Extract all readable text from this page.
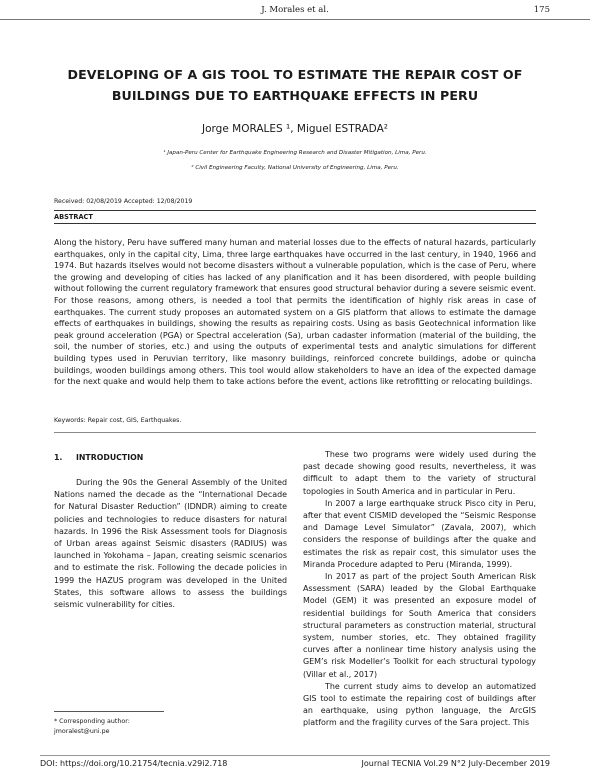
J. Morales et al.	175
DEVELOPING OF A GIS TOOL TO ESTIMATE THE REPAIR COST OF BUILDINGS DUE TO EARTHQUAKE EFFECTS IN PERU
Jorge MORALES ¹, Miguel ESTRADA²
¹ Japan-Peru Center for Earthquake Engineering Research and Disaster Mitigation, Lima, Peru.
² Civil Engineering Faculty, National University of Engineering, Lima, Peru.
Received: 02/08/2019 Accepted: 12/08/2019
ABSTRACT
Along the history, Peru have suffered many human and material losses due to the effects of natural hazards, particularly earthquakes, only in the capital city, Lima, three large earthquakes have occurred in the last century, in 1940, 1966 and 1974. But hazards itselves would not become disasters without a vulnerable population, which is the case of Peru, where the growing and developing of cities has lacked of any planification and it has been disordered, with people building without following the current regulatory framework that ensures good structural behavior during a severe seismic event. For those reasons, among others, is needed a tool that permits the identification of highly risk areas in case of earthquakes. The current study proposes an automated system on a GIS platform that allows to estimate the damage effects of earthquakes in buildings, showing the results as repairing costs. Using as basis Geotechnical information like peak ground acceleration (PGA) or Spectral acceleration (Sa), urban cadaster information (material of the building, the soil, the number of stories, etc.) and using the outputs of experimental tests and analytic simulations for different building types used in Peruvian territory, like masonry buildings, reinforced concrete buildings, adobe or quincha buildings, wooden buildings among others. This tool would allow stakeholders to have an idea of the expected damage for the next quake and would help them to take actions before the event, actions like retrofitting or relocating buildings.
Keywords: Repair cost, GIS, Earthquakes.
1. INTRODUCTION

During the 90s the General Assembly of the United Nations named the decade as the “International Decade for Natural Disaster Reduction” (IDNDR) aiming to create policies and technologies to reduce disasters for natural hazards. In 1996 the Risk Assessment tools for Diagnosis of Urban areas against Seismic disasters (RADIUS) was launched in Yokohama – Japan, creating seismic scenarios and to estimate the risk. Following the decade policies in 1999 the HAZUS program was developed in the United States, this software allows to assess the buildings seismic vulnerability for cities.

These two programs were widely used during the past decade showing good results, nevertheless, it was difficult to adapt them to the variety of structural topologies in South America and in particular in Peru.

In 2007 a large earthquake struck Pisco city in Peru, after that event CISMID developed the “Seismic Response and Damage Level Simulator” (Zavala, 2007), which considers the response of buildings after the quake and estimates the risk as repair cost, this simulator uses the Miranda Procedure adapted to Peru (Miranda, 1999).

In 2017 as part of the project South American Risk Assessment (SARA) leaded by the Global Earthquake Model (GEM) it was presented an exposure model of residential buildings for South America that considers structural parameters as construction material, structural system, number stories, etc. They obtained fragility curves after a nonlinear time history analysis using the GEM’s risk Modeller’s Toolkit for each structural typology (Villar et al., 2017)

The current study aims to develop an automatized GIS tool to estimate the repairing cost of buildings after an earthquake, using python language, the ArcGIS platform and the fragility curves of the Sara project. This

* Corresponding author:
jmoralest@uni.pe
DOI: https://doi.org/10.21754/tecnia.v29i2.718	Journal TECNIA Vol.29 N°2 July-December 2019
